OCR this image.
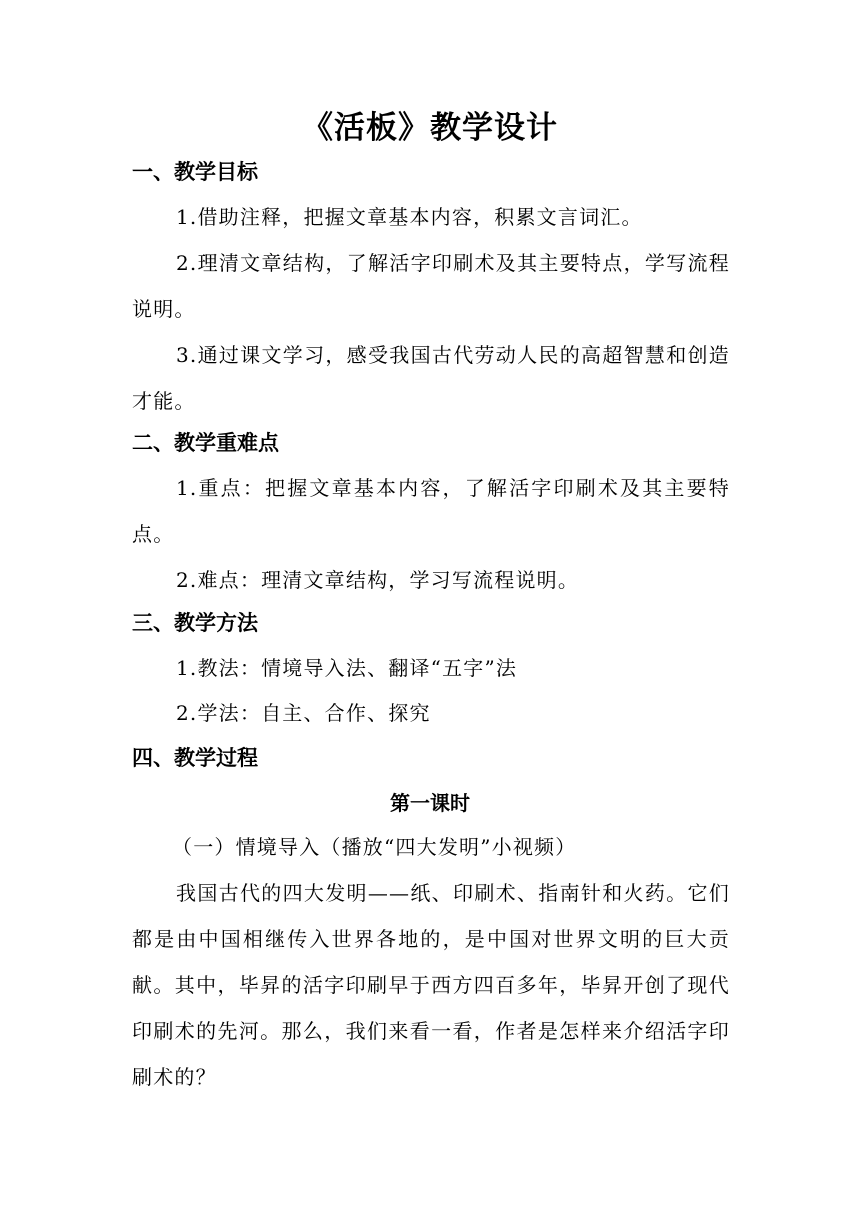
《活板》教学设计
一、教学目标
1.借助注释，把握文章基本内容，积累文言词汇。
2.理清文章结构，了解活字印刷术及其主要特点，学写流程说明。
3.通过课文学习，感受我国古代劳动人民的高超智慧和创造才能。
二、教学重难点
1.重点：把握文章基本内容，了解活字印刷术及其主要特点。
2.难点：理清文章结构，学习写流程说明。
三、教学方法
1.教法：情境导入法、翻译“五字”法
2.学法：自主、合作、探究
四、教学过程
第一课时
（一）情境导入（播放“四大发明”小视频）
我国古代的四大发明——纸、印刷术、指南针和火药。它们都是由中国相继传入世界各地的，是中国对世界文明的巨大贡献。其中，毕昇的活字印刷早于西方四百多年，毕昇开创了现代印刷术的先河。那么，我们来看一看，作者是怎样来介绍活字印刷术的？
